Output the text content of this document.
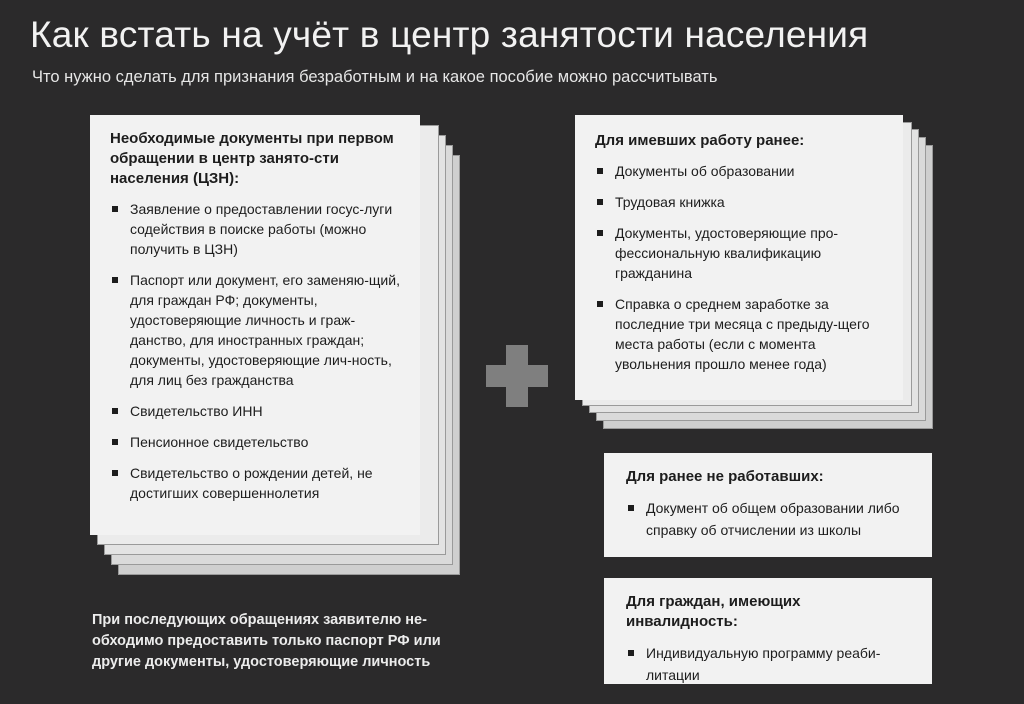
Как встать на учёт в центр занятости населения
Что нужно сделать для признания безработным и на какое пособие можно рассчитывать
Необходимые документы при первом обращении в центр занято-сти населения (ЦЗН):
Заявление о предоставлении госус-луги содействия в поиске работы (можно получить в ЦЗН)
Паспорт или документ, его заменяю-щий, для граждан РФ; документы, удостоверяющие личность и граж-данство, для иностранных граждан; документы, удостоверяющие лич-ность, для лиц без гражданства
Свидетельство ИНН
Пенсионное свидетельство
Свидетельство о рождении детей, не достигших совершеннолетия
Для имевших работу ранее:
Документы об образовании
Трудовая книжка
Документы, удостоверяющие про-фессиональную квалификацию гражданина
Справка о среднем заработке за последние три месяца с предыду-щего места работы (если с момента увольнения прошло менее года)
Для ранее не работавших:
Документ об общем образовании либо справку об отчислении из школы
Для граждан, имеющих инвалидность:
Индивидуальную программу реаби-литации
При последующих обращениях заявителю не-обходимо предоставить только паспорт РФ или другие документы, удостоверяющие личность
